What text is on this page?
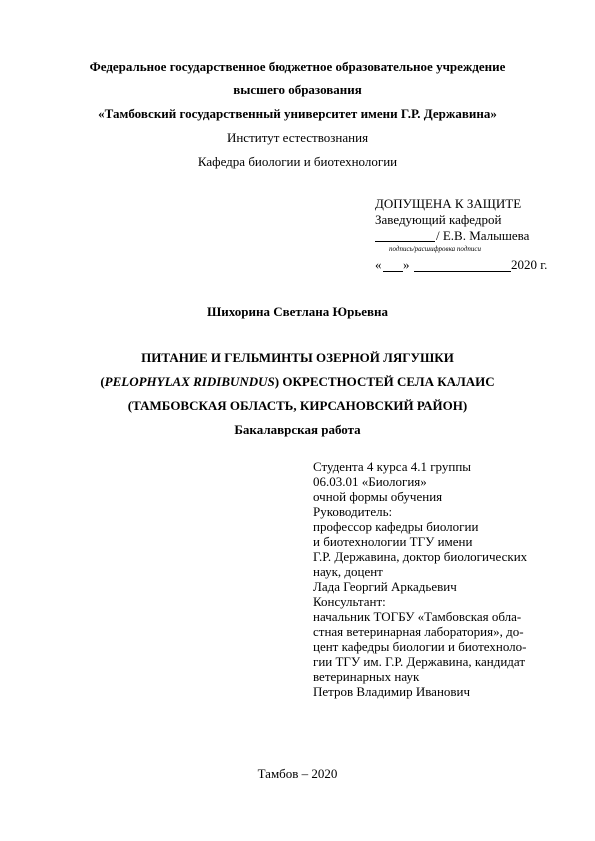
Федеральное государственное бюджетное образовательное учреждение
высшего образования
«Тамбовский государственный университет имени Г.Р. Державина»
Институт естествознания
Кафедра биологии и биотехнологии
ДОПУЩЕНА К ЗАЩИТЕ
Заведующий кафедрой
/ Е.В. Малышева
подпись/расшифровка подписи
« »	2020 г.
Шихорина Светлана Юрьевна
ПИТАНИЕ И ГЕЛЬМИНТЫ ОЗЕРНОЙ ЛЯГУШКИ
(PELOPHYLAX RIDIBUNDUS) ОКРЕСТНОСТЕЙ СЕЛА КАЛАИС
(ТАМБОВСКАЯ ОБЛАСТЬ, КИРСАНОВСКИЙ РАЙОН)
Бакалаврская работа
Студента 4 курса 4.1 группы
06.03.01 «Биология»
очной формы обучения
Руководитель:
профессор кафедры биологии
и биотехнологии ТГУ имени
Г.Р. Державина, доктор биологических
наук, доцент
Лада Георгий Аркадьевич
Консультант:
начальник ТОГБУ «Тамбовская обла-
стная ветеринарная лаборатория», до-
цент кафедры биологии и биотехноло-
гии ТГУ им. Г.Р. Державина, кандидат
ветеринарных наук
Петров Владимир Иванович
Тамбов – 2020
